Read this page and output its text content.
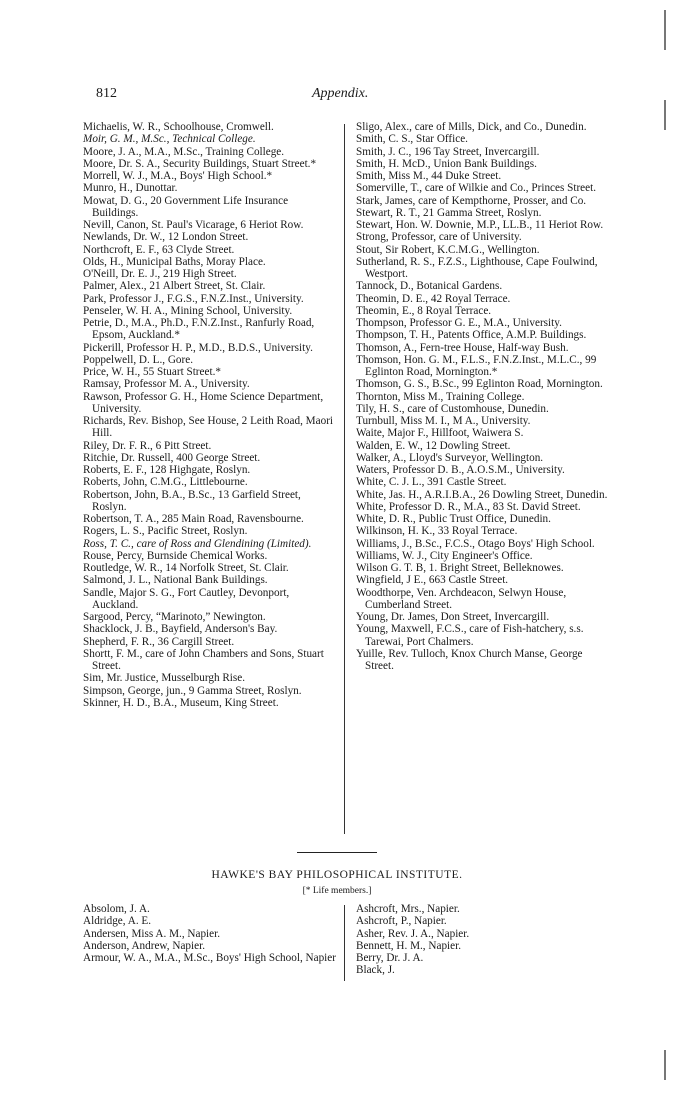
812	Appendix.

Michaelis, W. R., Schoolhouse, Cromwell.

Moir, G. M., M.Sc., Technical College.

Moore, J. A., M.A., M.Sc., Training College.

Moore, Dr. S. A., Security Buildings, Stuart Street.*

Morrell, W. J., M.A., Boys' High School.*

Munro, H., Dunottar.

Mowat, D. G., 20 Government Life Insurance Buildings.

Nevill, Canon, St. Paul's Vicarage, 6 Heriot Row.

Newlands, Dr. W., 12 London Street.

Northcroft, E. F., 63 Clyde Street.

Olds, H., Municipal Baths, Moray Place.

O'Neill, Dr. E. J., 219 High Street.

Palmer, Alex., 21 Albert Street, St. Clair.

Park, Professor J., F.G.S., F.N.Z.Inst., University.

Penseler, W. H. A., Mining School, University.

Petrie, D., M.A., Ph.D., F.N.Z.Inst., Ranfurly Road, Epsom, Auckland.*

Pickerill, Professor H. P., M.D., B.D.S., University.

Poppelwell, D. L., Gore.

Price, W. H., 55 Stuart Street.*

Ramsay, Professor M. A., University.

Rawson, Professor G. H., Home Science Department, University.

Richards, Rev. Bishop, See House, 2 Leith Road, Maori Hill.

Riley, Dr. F. R., 6 Pitt Street.

Ritchie, Dr. Russell, 400 George Street.

Roberts, E. F., 128 Highgate, Roslyn.

Roberts, John, C.M.G., Littlebourne.

Robertson, John, B.A., B.Sc., 13 Garfield Street, Roslyn.

Robertson, T. A., 285 Main Road, Ravensbourne.

Rogers, L. S., Pacific Street, Roslyn.

Ross, T. C., care of Ross and Glendining (Limited).

Rouse, Percy, Burnside Chemical Works.

Routledge, W. R., 14 Norfolk Street, St. Clair.

Salmond, J. L., National Bank Buildings.

Sandle, Major S. G., Fort Cautley, Devonport, Auckland.

Sargood, Percy, “Marinoto,” Newington.

Shacklock, J. B., Bayfield, Anderson's Bay.

Shepherd, F. R., 36 Cargill Street.

Shortt, F. M., care of John Chambers and Sons, Stuart Street.

Sim, Mr. Justice, Musselburgh Rise.

Simpson, George, jun., 9 Gamma Street, Roslyn.

Skinner, H. D., B.A., Museum, King Street.

Sligo, Alex., care of Mills, Dick, and Co., Dunedin.

Smith, C. S., Star Office.

Smith, J. C., 196 Tay Street, Invercargill.

Smith, H. McD., Union Bank Buildings.

Smith, Miss M., 44 Duke Street.

Somerville, T., care of Wilkie and Co., Princes Street.

Stark, James, care of Kempthorne, Prosser, and Co.

Stewart, R. T., 21 Gamma Street, Roslyn.

Stewart, Hon. W. Downie, M.P., LL.B., 11 Heriot Row.

Strong, Professor, care of University.

Stout, Sir Robert, K.C.M.G., Wellington.

Sutherland, R. S., F.Z.S., Lighthouse, Cape Foulwind, Westport.

Tannock, D., Botanical Gardens.

Theomin, D. E., 42 Royal Terrace.

Theomin, E., 8 Royal Terrace.

Thompson, Professor G. E., M.A., University.

Thompson, T. H., Patents Office, A.M.P. Buildings.

Thomson, A., Fern-tree House, Half-way Bush.

Thomson, Hon. G. M., F.L.S., F.N.Z.Inst., M.L.C., 99 Eglinton Road, Mornington.*

Thomson, G. S., B.Sc., 99 Eglinton Road, Mornington.

Thornton, Miss M., Training College.

Tily, H. S., care of Customhouse, Dunedin.

Turnbull, Miss M. I., M A., University.

Waite, Major F., Hillfoot, Waiwera S.

Walden, E. W., 12 Dowling Street.

Walker, A., Lloyd's Surveyor, Wellington.

Waters, Professor D. B., A.O.S.M., University.

White, C. J. L., 391 Castle Street.

White, Jas. H., A.R.I.B.A., 26 Dowling Street, Dunedin.

White, Professor D. R., M.A., 83 St. David Street.

White, D. R., Public Trust Office, Dunedin.

Wilkinson, H. K., 33 Royal Terrace.

Williams, J., B.Sc., F.C.S., Otago Boys' High School.

Williams, W. J., City Engineer's Office.

Wilson G. T. B, 1. Bright Street, Belleknowes.

Wingfield, J E., 663 Castle Street.

Woodthorpe, Ven. Archdeacon, Selwyn House, Cumberland Street.

Young, Dr. James, Don Street, Invercargill.

Young, Maxwell, F.C.S., care of Fish-hatchery, s.s. Tarewai, Port Chalmers.

Yuille, Rev. Tulloch, Knox Church Manse, George Street.

HAWKE'S BAY PHILOSOPHICAL INSTITUTE.
[* Life members.]

Absolom, J. A.

Aldridge, A. E.

Andersen, Miss A. M., Napier.

Anderson, Andrew, Napier.

Armour, W. A., M.A., M.Sc., Boys' High School, Napier

Ashcroft, Mrs., Napier.

Ashcroft, P., Napier.

Asher, Rev. J. A., Napier.

Bennett, H. M., Napier.

Berry, Dr. J. A.

Black, J.
